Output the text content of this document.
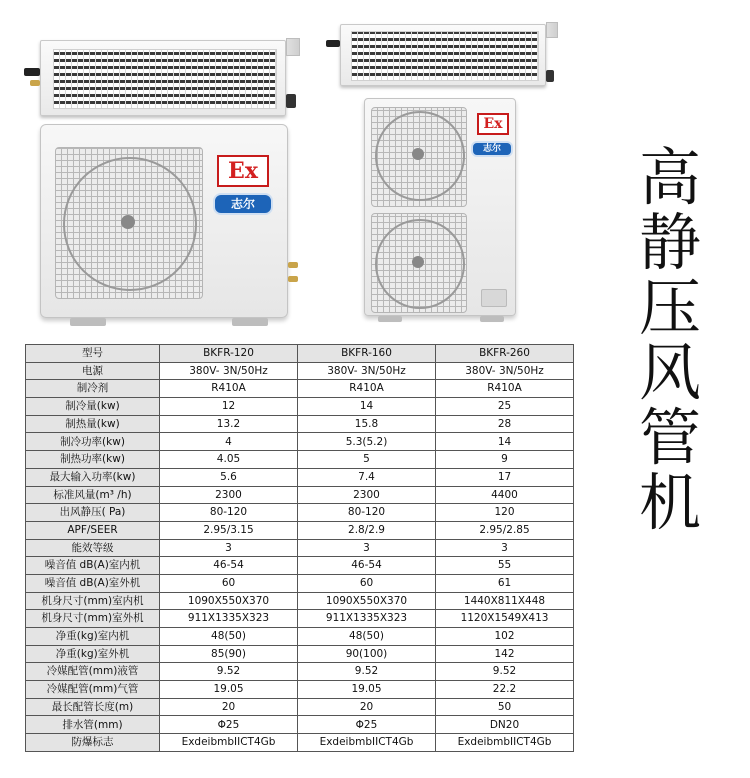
Ex
志尔
Ex
志尔
型号	BKFR-120	BKFR-160	BKFR-260
电源	380V- 3N/50Hz	380V- 3N/50Hz	380V- 3N/50Hz
制冷剂	R410A	R410A	R410A
制冷量(kw)	12	14	25
制热量(kw)	13.2	15.8	28
制冷功率(kw)	4	5.3(5.2)	14
制热功率(kw)	4.05	5	9
最大输入功率(kw)	5.6	7.4	17
标准风量(m³ /h)	2300	2300	4400
出风静压( Pa)	80-120	80-120	120
APF/SEER	2.95/3.15	2.8/2.9	2.95/2.85
能效等级	3	3	3
噪音值 dB(A)室内机	46-54	46-54	55
噪音值 dB(A)室外机	60	60	61
机身尺寸(mm)室内机	1090X550X370	1090X550X370	1440X811X448
机身尺寸(mm)室外机	911X1335X323	911X1335X323	1120X1549X413
净重(kg)室内机	48(50)	48(50)	102
净重(kg)室外机	85(90)	90(100)	142
冷媒配管(mm)液管	9.52	9.52	9.52
冷媒配管(mm)气管	19.05	19.05	22.2
最长配管长度(m)	20	20	50
排水管(mm)	Φ25	Φ25	DN20
防爆标志	ExdeibmbIICT4Gb	ExdeibmbIICT4Gb	ExdeibmbIICT4Gb
高静压风管机
